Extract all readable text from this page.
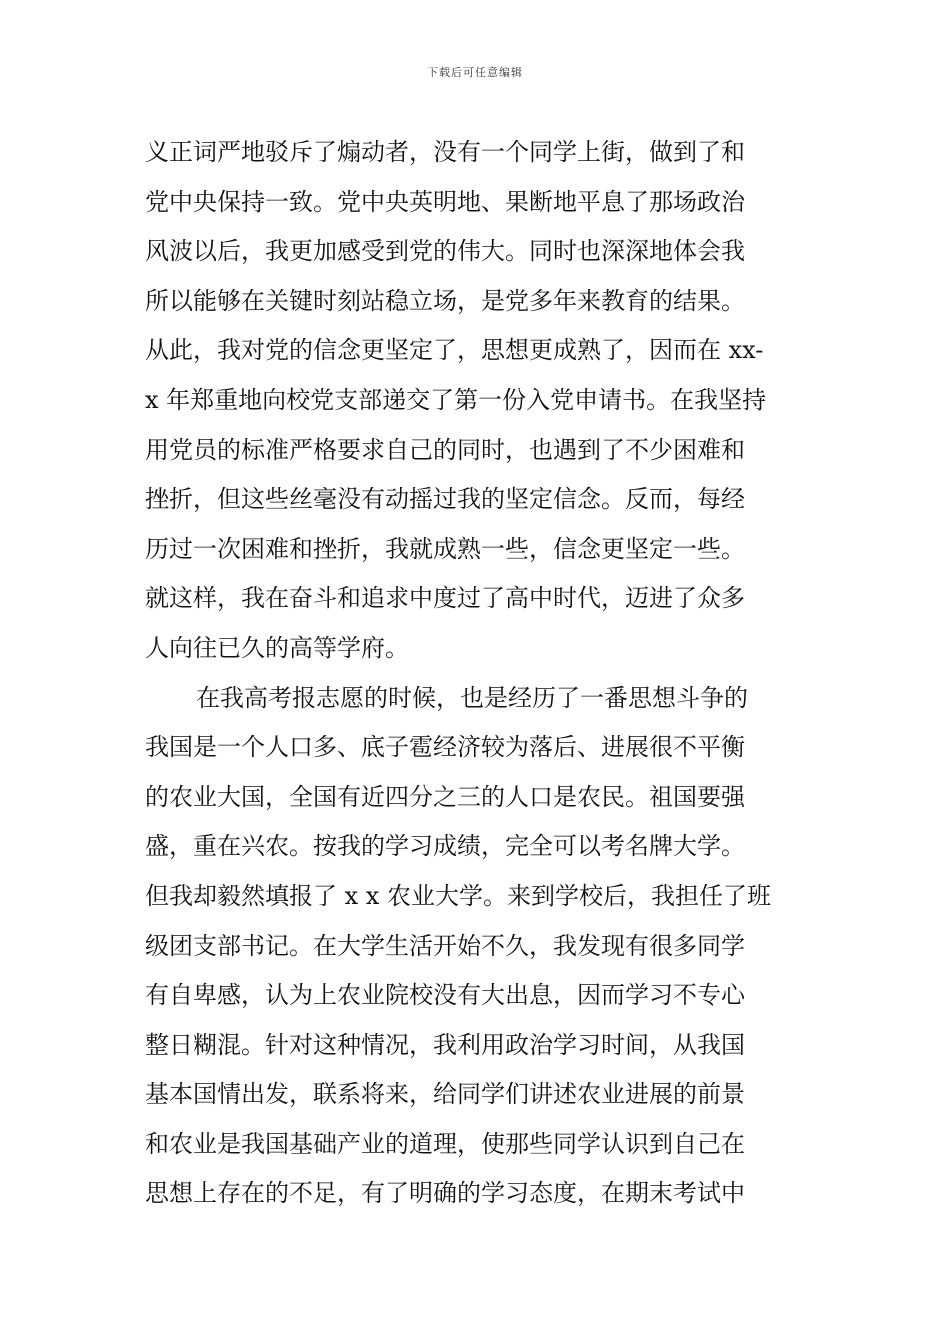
下载后可任意编辑
义正词严地驳斥了煽动者，没有一个同学上街，做到了和
党中央保持一致。党中央英明地、果断地平息了那场政治
风波以后，我更加感受到党的伟大。同时也深深地体会我
所以能够在关键时刻站稳立场，是党多年来教育的结果。
从此，我对党的信念更坚定了，思想更成熟了，因而在 xx-
x 年郑重地向校党支部递交了第一份入党申请书。在我坚持
用党员的标准严格要求自己的同时，也遇到了不少困难和
挫折，但这些丝毫没有动摇过我的坚定信念。反而，每经
历过一次困难和挫折，我就成熟一些，信念更坚定一些。
就这样，我在奋斗和追求中度过了高中时代，迈进了众多
人向往已久的高等学府。
在我高考报志愿的时候，也是经历了一番思想斗争的
我国是一个人口多、底子雹经济较为落后、进展很不平衡
的农业大国，全国有近四分之三的人口是农民。祖国要强
盛，重在兴农。按我的学习成绩，完全可以考名牌大学。
但我却毅然填报了 x x 农业大学。来到学校后，我担任了班
级团支部书记。在大学生活开始不久，我发现有很多同学
有自卑感，认为上农业院校没有大出息，因而学习不专心
整日糊混。针对这种情况，我利用政治学习时间，从我国
基本国情出发，联系将来，给同学们讲述农业进展的前景
和农业是我国基础产业的道理，使那些同学认识到自己在
思想上存在的不足，有了明确的学习态度，在期末考试中
